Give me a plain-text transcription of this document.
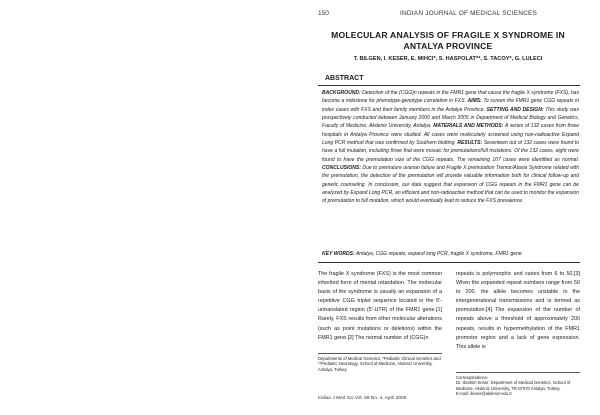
150	INDIAN JOURNAL OF MEDICAL SCIENCES
MOLECULAR ANALYSIS OF FRAGILE X SYNDROME IN ANTALYA PROVINCE
T. BILGEN, I. KESER, E. MIHCI*, S. HASPOLAT**, S. TACOY*, G. LULECI
ABSTRACT
BACKGROUND: Detection of the (CGG)n repeats in the FMR1 gene that cause the fragile X syndrome (FXS), has become a milestone for phenotype-genotype correlation in FXS. AIMS: To screen the FMR1 gene CGG repeats in index cases with FXS and their family members in the Antalya Province. SETTING AND DESIGN: This study was prospectively conducted between January 2000 and March 2005 in Department of Medical Biology and Genetics, Faculty of Medicine, Akdeniz University, Antalya. MATERIALS AND METHODS: A series of 132 cases from three hospitals in Antalya Province were studied. All cases were molecularly screened using non-radioactive Expand Long PCR method that was confirmed by Southern blotting. RESULTS: Seventeen out of 132 cases were found to have a full mutation, including three that were mosaic for premutations/full mutations. Of the 132 cases, eight were found to have the premutation size of the CGG repeats. The remaining 107 cases were identified as normal. CONCLUSIONS: Due to premature ovarian failure and Fragile X premutation Tremor/Ataxia Syndrome related with the premutation, the detection of the premutation will provide valuable information both for clinical follow-up and genetic counseling. In conclusion, our data suggest that expansion of CGG repeats in the FMR1 gene can be analyzed by Expand Long PCR, an efficient and non-radioactive method that can be used to monitor the expansion of premutation to full mutation, which would eventually lead to reduce the FXS prevalence.
KEY WORDS: Antalya, CGG repeats, expand long PCR, fragile X syndrome, FMR1 gene
The fragile X syndrome (FXS) is the most common inherited form of mental retardation. The molecular basis of the syndrome is usually an expansion of a repetitive CGG triplet sequence located in the 5'-untranslated region (5'-UTR) of the FMR1 gene.[1] Rarely, FXS results from other molecular alterations (such as point mutations or deletions) within the FMR1 gene.[2] The normal number of (CGG)n
repeats is polymorphic and varies from 6 to 50.[3] When the expanded repeat numbers range from 50 to 200, the allele becomes unstable in the intergenerational transmissions and is termed as premutation.[4] The expansion of the number of repeats above a threshold of approximately 200 repeats, results in hypermethylation of the FMR1 promotor region and a lack of gene expression. This allele is
Departments of Medical Genetics, *Pediatric Clinical Genetics and **Pediatric Neurology, School of Medicine, Akdeniz University, Antalya, Turkey
Correspondence:
Dr. Ibrahim Keser, Department of Medical Genetics, School of Medicine, Akdeniz University, TR-07070 Antalya, Turkey.
E-mail: ikeser@akdeniz.edu.tr
Indian J Med Sci Vol. 59 No. 4, April 2005
